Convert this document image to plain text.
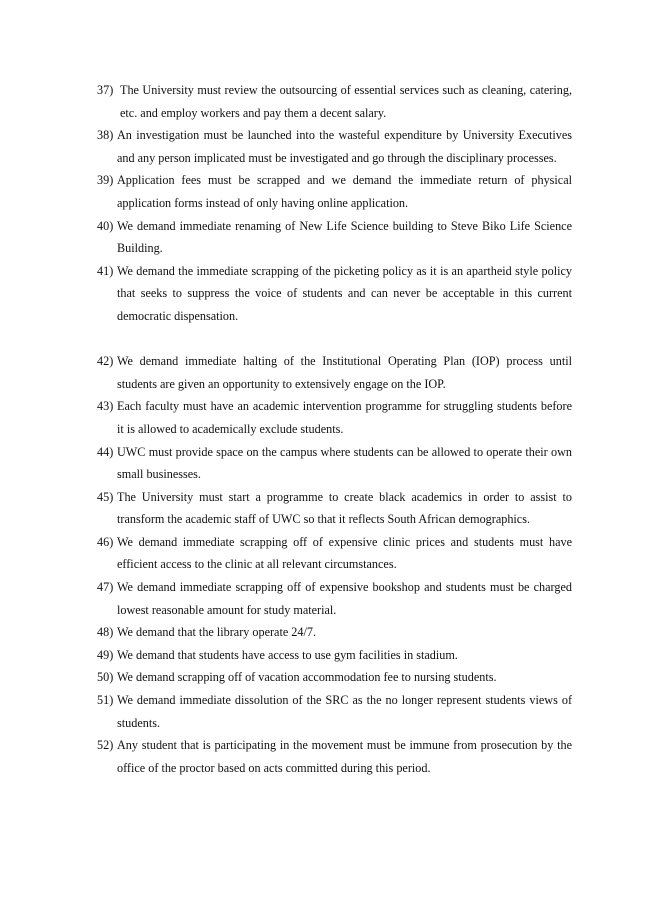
37) The University must review the outsourcing of essential services such as cleaning, catering, etc. and employ workers and pay them a decent salary.
38) An investigation must be launched into the wasteful expenditure by University Executives and any person implicated must be investigated and go through the disciplinary processes.
39) Application fees must be scrapped and we demand the immediate return of physical application forms instead of only having online application.
40) We demand immediate renaming of New Life Science building to Steve Biko Life Science Building.
41) We demand the immediate scrapping of the picketing policy as it is an apartheid style policy that seeks to suppress the voice of students and can never be acceptable in this current democratic dispensation.
42) We demand immediate halting of the Institutional Operating Plan (IOP) process until students are given an opportunity to extensively engage on the IOP.
43) Each faculty must have an academic intervention programme for struggling students before it is allowed to academically exclude students.
44) UWC must provide space on the campus where students can be allowed to operate their own small businesses.
45) The University must start a programme to create black academics in order to assist to transform the academic staff of UWC so that it reflects South African demographics.
46) We demand immediate scrapping off of expensive clinic prices and students must have efficient access to the clinic at all relevant circumstances.
47) We demand immediate scrapping off of expensive bookshop and students must be charged lowest reasonable amount for study material.
48) We demand that the library operate 24/7.
49) We demand that students have access to use gym facilities in stadium.
50) We demand scrapping off of vacation accommodation fee to nursing students.
51) We demand immediate dissolution of the SRC as the no longer represent students views of students.
52) Any student that is participating in the movement must be immune from prosecution by the office of the proctor based on acts committed during this period.
